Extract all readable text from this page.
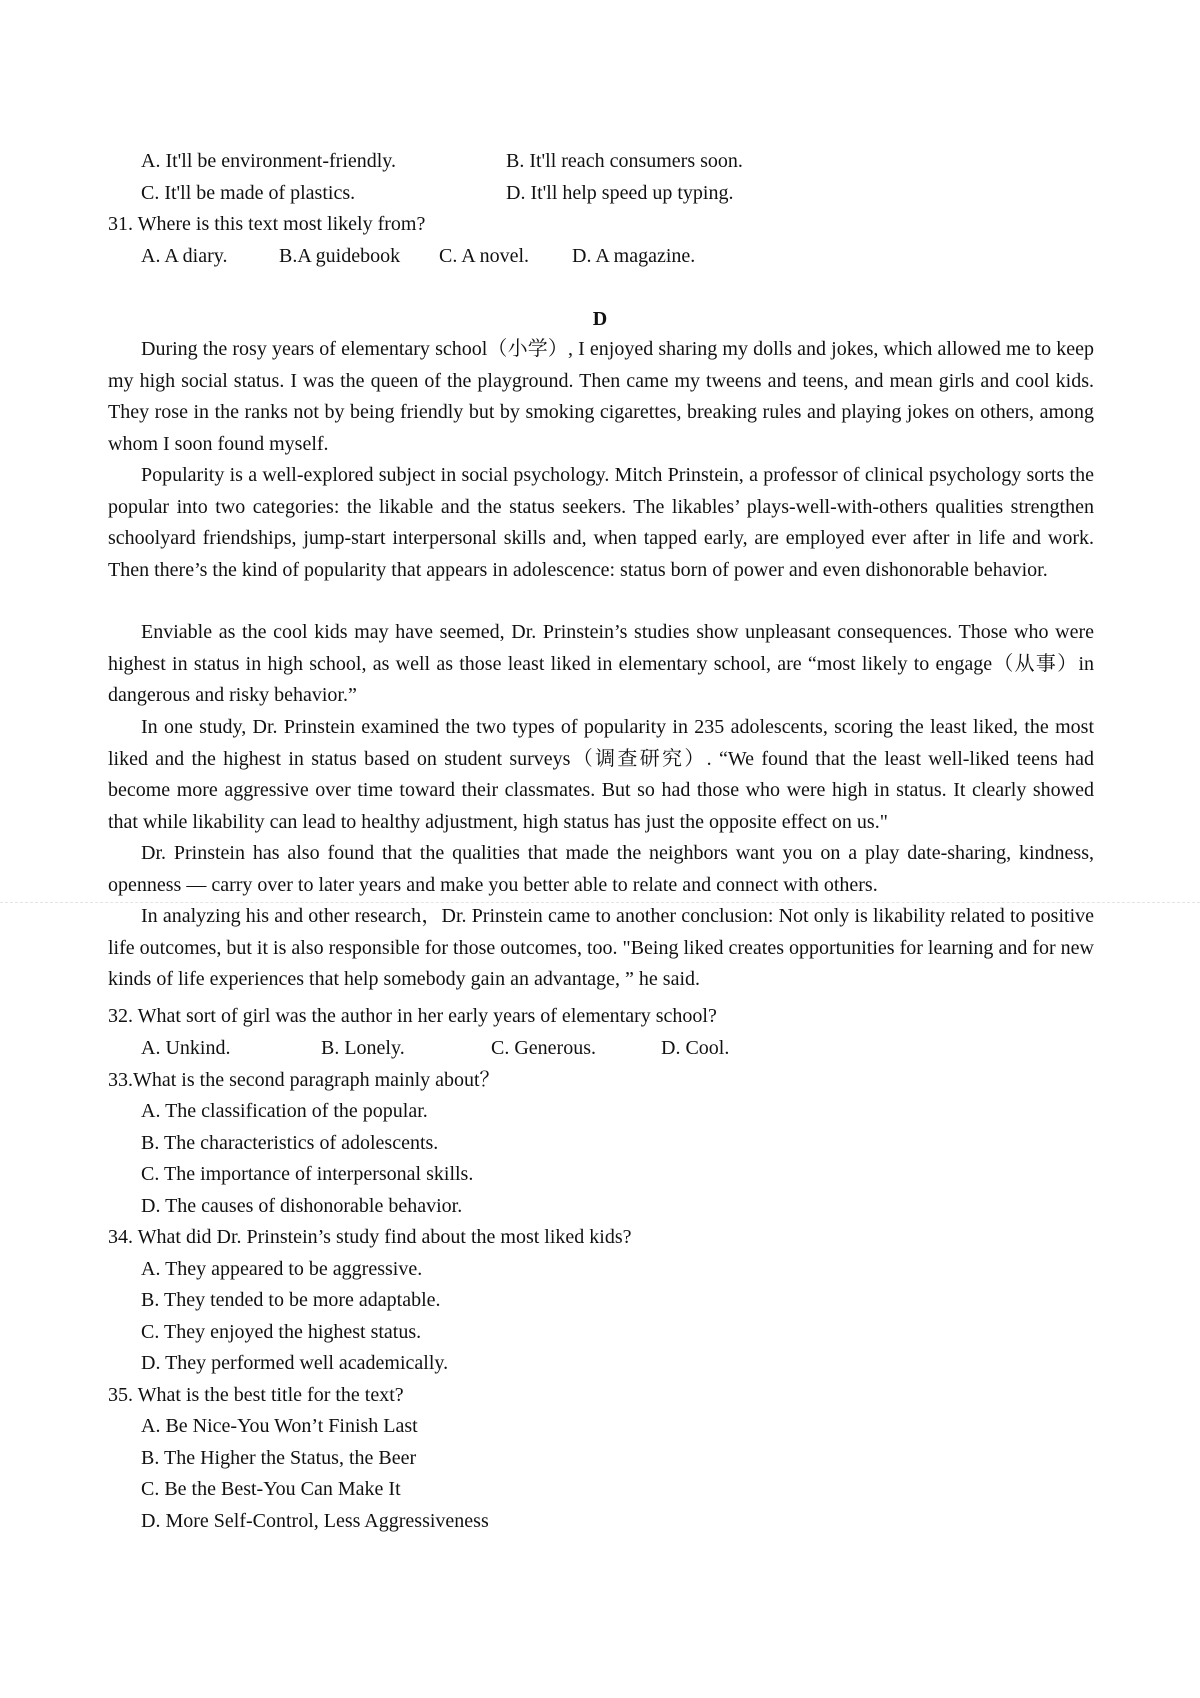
A. It'll be environment-friendly.	B. It'll reach consumers soon.
C. It'll be made of plastics.	D. It'll help speed up typing.
31. Where is this text most likely from?
A. A diary.	B.A guidebook C. A novel. D. A magazine.
D

During the rosy years of elementary school（小学）, I enjoyed sharing my dolls and jokes, which allowed me to keep my high social status. I was the queen of the playground. Then came my tweens and teens, and mean girls and cool kids. They rose in the ranks not by being friendly but by smoking cigarettes, breaking rules and playing jokes on others, among whom I soon found myself.

Popularity is a well-explored subject in social psychology. Mitch Prinstein, a professor of clinical psychology sorts the popular into two categories: the likable and the status seekers. The likables’ plays-well-with-others qualities strengthen schoolyard friendships, jump-start interpersonal skills and, when tapped early, are employed ever after in life and work. Then there’s the kind of popularity that appears in adolescence: status born of power and even dishonorable behavior.

Enviable as the cool kids may have seemed, Dr. Prinstein’s studies show unpleasant consequences. Those who were highest in status in high school, as well as those least liked in elementary school, are “most likely to engage（从事）in dangerous and risky behavior.”

In one study, Dr. Prinstein examined the two types of popularity in 235 adolescents, scoring the least liked, the most liked and the highest in status based on student surveys（调查研究）. “We found that the least well-liked teens had become more aggressive over time toward their classmates. But so had those who were high in status. It clearly showed that while likability can lead to healthy adjustment, high status has just the opposite effect on us."

Dr. Prinstein has also found that the qualities that made the neighbors want you on a play date-sharing, kindness, openness — carry over to later years and make you better able to relate and connect with others.

In analyzing his and other research，Dr. Prinstein came to another conclusion: Not only is likability related to positive life outcomes, but it is also responsible for those outcomes, too. "Being liked creates opportunities for learning and for new kinds of life experiences that help somebody gain an advantage, ” he said.

32. What sort of girl was the author in her early years of elementary school?
A. Unkind.	B. Lonely.	C. Generous.	D. Cool.
33.What is the second paragraph mainly about？
A. The classification of the popular.
B. The characteristics of adolescents.
C. The importance of interpersonal skills.
D. The causes of dishonorable behavior.
34. What did Dr. Prinstein’s study find about the most liked kids?
A. They appeared to be aggressive.
B. They tended to be more adaptable.
C. They enjoyed the highest status.
D. They performed well academically.
35. What is the best title for the text?
A. Be Nice-You Won’t Finish Last
B. The Higher the Status, the Beer
C. Be the Best-You Can Make It
D. More Self-Control, Less Aggressiveness
